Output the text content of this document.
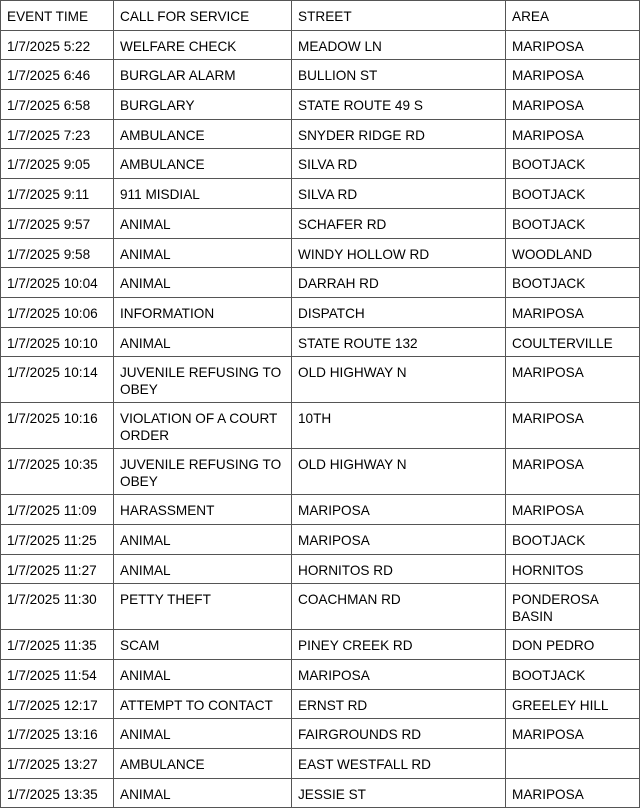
EVENT TIME	CALL FOR SERVICE	STREET	AREA
1/7/2025 5:22	WELFARE CHECK	MEADOW LN	MARIPOSA
1/7/2025 6:46	BURGLAR ALARM	BULLION ST	MARIPOSA
1/7/2025 6:58	BURGLARY	STATE ROUTE 49 S	MARIPOSA
1/7/2025 7:23	AMBULANCE	SNYDER RIDGE RD	MARIPOSA
1/7/2025 9:05	AMBULANCE	SILVA RD	BOOTJACK
1/7/2025 9:11	911 MISDIAL	SILVA RD	BOOTJACK
1/7/2025 9:57	ANIMAL	SCHAFER RD	BOOTJACK
1/7/2025 9:58	ANIMAL	WINDY HOLLOW RD	WOODLAND
1/7/2025 10:04	ANIMAL	DARRAH RD	BOOTJACK
1/7/2025 10:06	INFORMATION	DISPATCH	MARIPOSA
1/7/2025 10:10	ANIMAL	STATE ROUTE 132	COULTERVILLE
1/7/2025 10:14	JUVENILE REFUSING TO OBEY	OLD HIGHWAY N	MARIPOSA
1/7/2025 10:16	VIOLATION OF A COURT ORDER	10TH	MARIPOSA
1/7/2025 10:35	JUVENILE REFUSING TO OBEY	OLD HIGHWAY N	MARIPOSA
1/7/2025 11:09	HARASSMENT	MARIPOSA	MARIPOSA
1/7/2025 11:25	ANIMAL	MARIPOSA	BOOTJACK
1/7/2025 11:27	ANIMAL	HORNITOS RD	HORNITOS
1/7/2025 11:30	PETTY THEFT	COACHMAN RD	PONDEROSA BASIN
1/7/2025 11:35	SCAM	PINEY CREEK RD	DON PEDRO
1/7/2025 11:54	ANIMAL	MARIPOSA	BOOTJACK
1/7/2025 12:17	ATTEMPT TO CONTACT	ERNST RD	GREELEY HILL
1/7/2025 13:16	ANIMAL	FAIRGROUNDS RD	MARIPOSA
1/7/2025 13:27	AMBULANCE	EAST WESTFALL RD	
1/7/2025 13:35	ANIMAL	JESSIE ST	MARIPOSA
